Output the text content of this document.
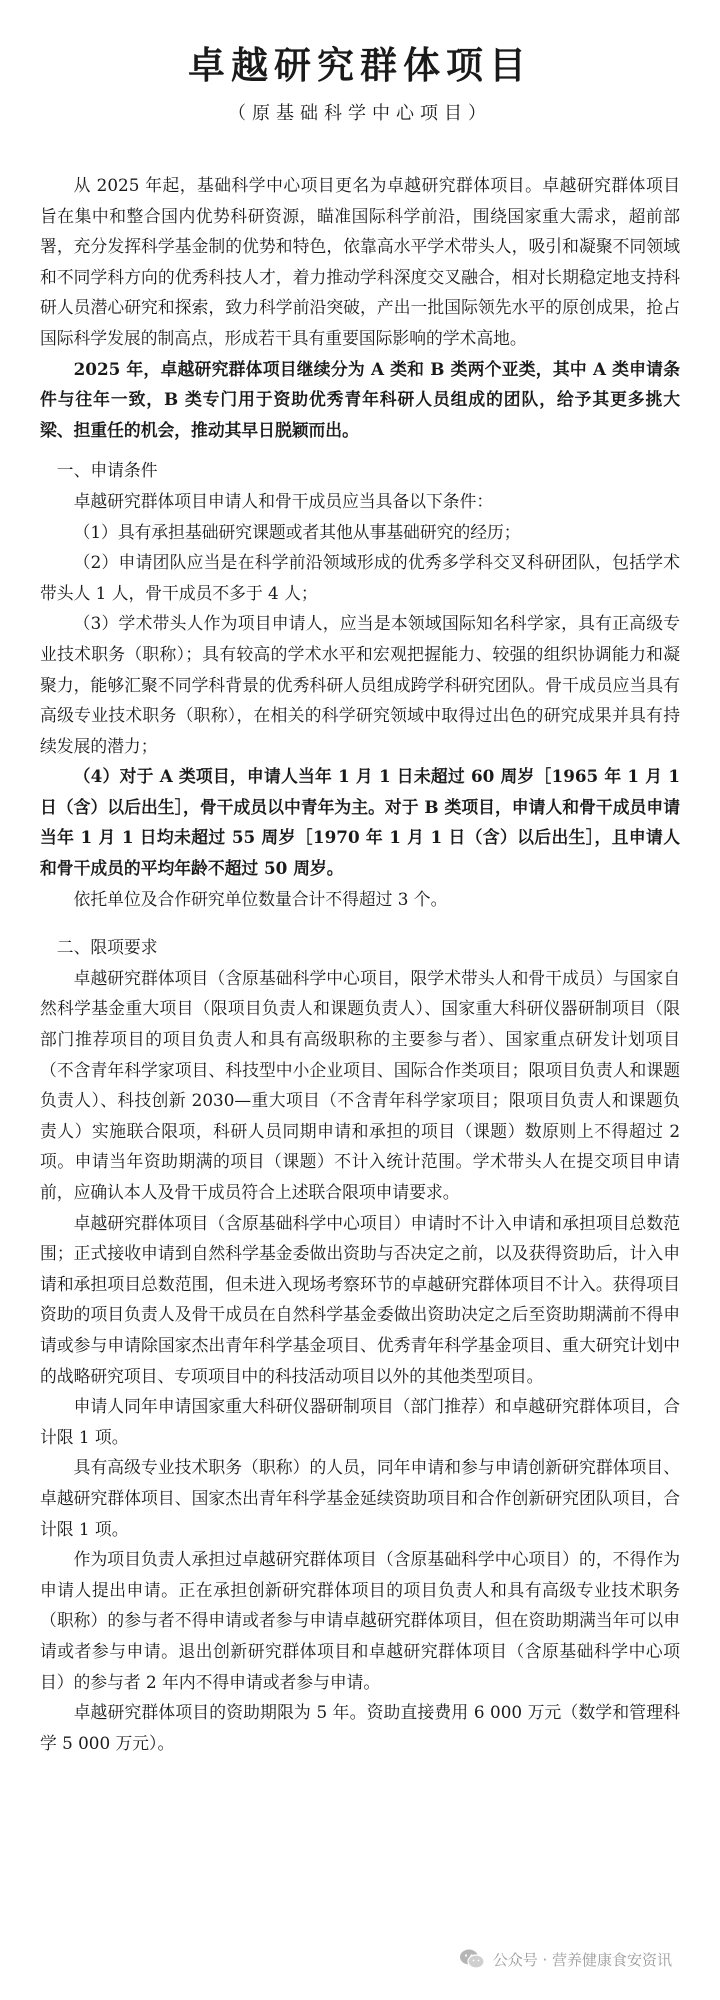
卓越研究群体项目
（原基础科学中心项目）

从 2025 年起，基础科学中心项目更名为卓越研究群体项目。卓越研究群体项目旨在集中和整合国内优势科研资源，瞄准国际科学前沿，围绕国家重大需求，超前部署，充分发挥科学基金制的优势和特色，依靠高水平学术带头人，吸引和凝聚不同领域和不同学科方向的优秀科技人才，着力推动学科深度交叉融合，相对长期稳定地支持科研人员潜心研究和探索，致力科学前沿突破，产出一批国际领先水平的原创成果，抢占国际科学发展的制高点，形成若干具有重要国际影响的学术高地。

2025 年，卓越研究群体项目继续分为 A 类和 B 类两个亚类，其中 A 类申请条件与往年一致，B 类专门用于资助优秀青年科研人员组成的团队，给予其更多挑大梁、担重任的机会，推动其早日脱颖而出。

一、申请条件

卓越研究群体项目申请人和骨干成员应当具备以下条件：

（1）具有承担基础研究课题或者其他从事基础研究的经历；

（2）申请团队应当是在科学前沿领域形成的优秀多学科交叉科研团队，包括学术带头人 1 人，骨干成员不多于 4 人；

（3）学术带头人作为项目申请人，应当是本领域国际知名科学家，具有正高级专业技术职务（职称）；具有较高的学术水平和宏观把握能力、较强的组织协调能力和凝聚力，能够汇聚不同学科背景的优秀科研人员组成跨学科研究团队。骨干成员应当具有高级专业技术职务（职称），在相关的科学研究领域中取得过出色的研究成果并具有持续发展的潜力；

（4）对于 A 类项目，申请人当年 1 月 1 日未超过 60 周岁［1965 年 1 月 1 日（含）以后出生］，骨干成员以中青年为主。对于 B 类项目，申请人和骨干成员申请当年 1 月 1 日均未超过 55 周岁［1970 年 1 月 1 日（含）以后出生］，且申请人和骨干成员的平均年龄不超过 50 周岁。

依托单位及合作研究单位数量合计不得超过 3 个。

二、限项要求

卓越研究群体项目（含原基础科学中心项目，限学术带头人和骨干成员）与国家自然科学基金重大项目（限项目负责人和课题负责人）、国家重大科研仪器研制项目（限部门推荐项目的项目负责人和具有高级职称的主要参与者）、国家重点研发计划项目（不含青年科学家项目、科技型中小企业项目、国际合作类项目；限项目负责人和课题负责人）、科技创新 2030—重大项目（不含青年科学家项目；限项目负责人和课题负责人）实施联合限项，科研人员同期申请和承担的项目（课题）数原则上不得超过 2 项。申请当年资助期满的项目（课题）不计入统计范围。学术带头人在提交项目申请前，应确认本人及骨干成员符合上述联合限项申请要求。

卓越研究群体项目（含原基础科学中心项目）申请时不计入申请和承担项目总数范围；正式接收申请到自然科学基金委做出资助与否决定之前，以及获得资助后，计入申请和承担项目总数范围，但未进入现场考察环节的卓越研究群体项目不计入。获得项目资助的项目负责人及骨干成员在自然科学基金委做出资助决定之后至资助期满前不得申请或参与申请除国家杰出青年科学基金项目、优秀青年科学基金项目、重大研究计划中的战略研究项目、专项项目中的科技活动项目以外的其他类型项目。

申请人同年申请国家重大科研仪器研制项目（部门推荐）和卓越研究群体项目，合计限 1 项。

具有高级专业技术职务（职称）的人员，同年申请和参与申请创新研究群体项目、卓越研究群体项目、国家杰出青年科学基金延续资助项目和合作创新研究团队项目，合计限 1 项。

作为项目负责人承担过卓越研究群体项目（含原基础科学中心项目）的，不得作为申请人提出申请。正在承担创新研究群体项目的项目负责人和具有高级专业技术职务（职称）的参与者不得申请或者参与申请卓越研究群体项目，但在资助期满当年可以申请或者参与申请。退出创新研究群体项目和卓越研究群体项目（含原基础科学中心项目）的参与者 2 年内不得申请或者参与申请。

卓越研究群体项目的资助期限为 5 年。资助直接费用 6 000 万元（数学和管理科学 5 000 万元）。

公众号 · 营养健康食安资讯
